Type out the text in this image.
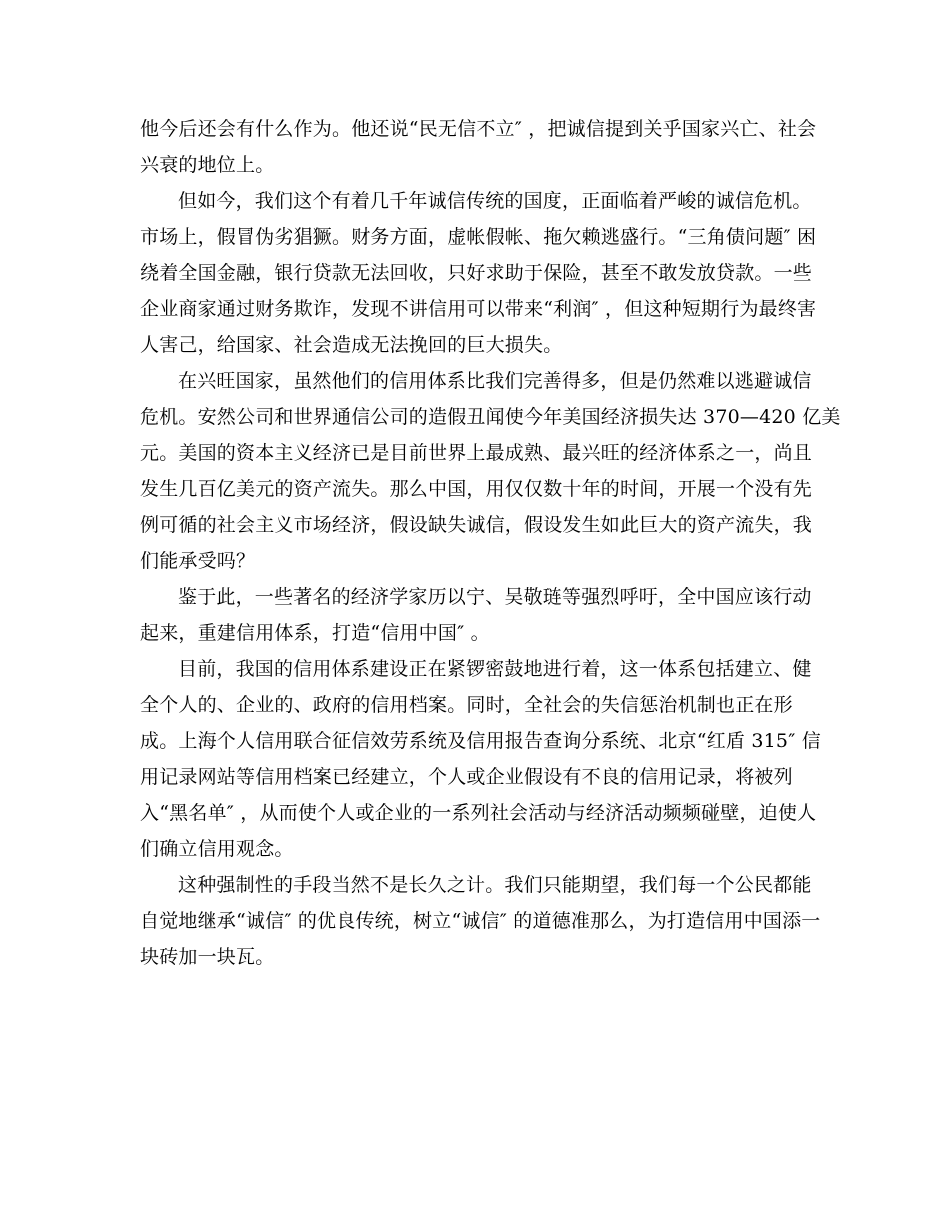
他今后还会有什么作为。他还说“民无信不立″ ，把诚信提到关乎国家兴亡、社会
兴衰的地位上。
但如今，我们这个有着几千年诚信传统的国度，正面临着严峻的诚信危机。
市场上，假冒伪劣猖獗。财务方面，虚帐假帐、拖欠赖逃盛行。“三角债问题″ 困
绕着全国金融，银行贷款无法回收，只好求助于保险，甚至不敢发放贷款。一些
企业商家通过财务欺诈，发现不讲信用可以带来“利润″ ，但这种短期行为最终害
人害己，给国家、社会造成无法挽回的巨大损失。
在兴旺国家，虽然他们的信用体系比我们完善得多，但是仍然难以逃避诚信
危机。安然公司和世界通信公司的造假丑闻使今年美国经济损失达 370—420 亿美
元。美国的资本主义经济已是目前世界上最成熟、最兴旺的经济体系之一，尚且
发生几百亿美元的资产流失。那么中国，用仅仅数十年的时间，开展一个没有先
例可循的社会主义市场经济，假设缺失诚信，假设发生如此巨大的资产流失，我
们能承受吗？
鉴于此，一些著名的经济学家历以宁、吴敬琏等强烈呼吁，全中国应该行动
起来，重建信用体系，打造“信用中国″ 。
目前，我国的信用体系建设正在紧锣密鼓地进行着，这一体系包括建立、健
全个人的、企业的、政府的信用档案。同时，全社会的失信惩治机制也正在形
成。上海个人信用联合征信效劳系统及信用报告查询分系统、北京“红盾 315″ 信
用记录网站等信用档案已经建立，个人或企业假设有不良的信用记录，将被列
入“黑名单″ ，从而使个人或企业的一系列社会活动与经济活动频频碰壁，迫使人
们确立信用观念。
这种强制性的手段当然不是长久之计。我们只能期望，我们每一个公民都能
自觉地继承“诚信″ 的优良传统，树立“诚信″ 的道德准那么，为打造信用中国添一
块砖加一块瓦。
